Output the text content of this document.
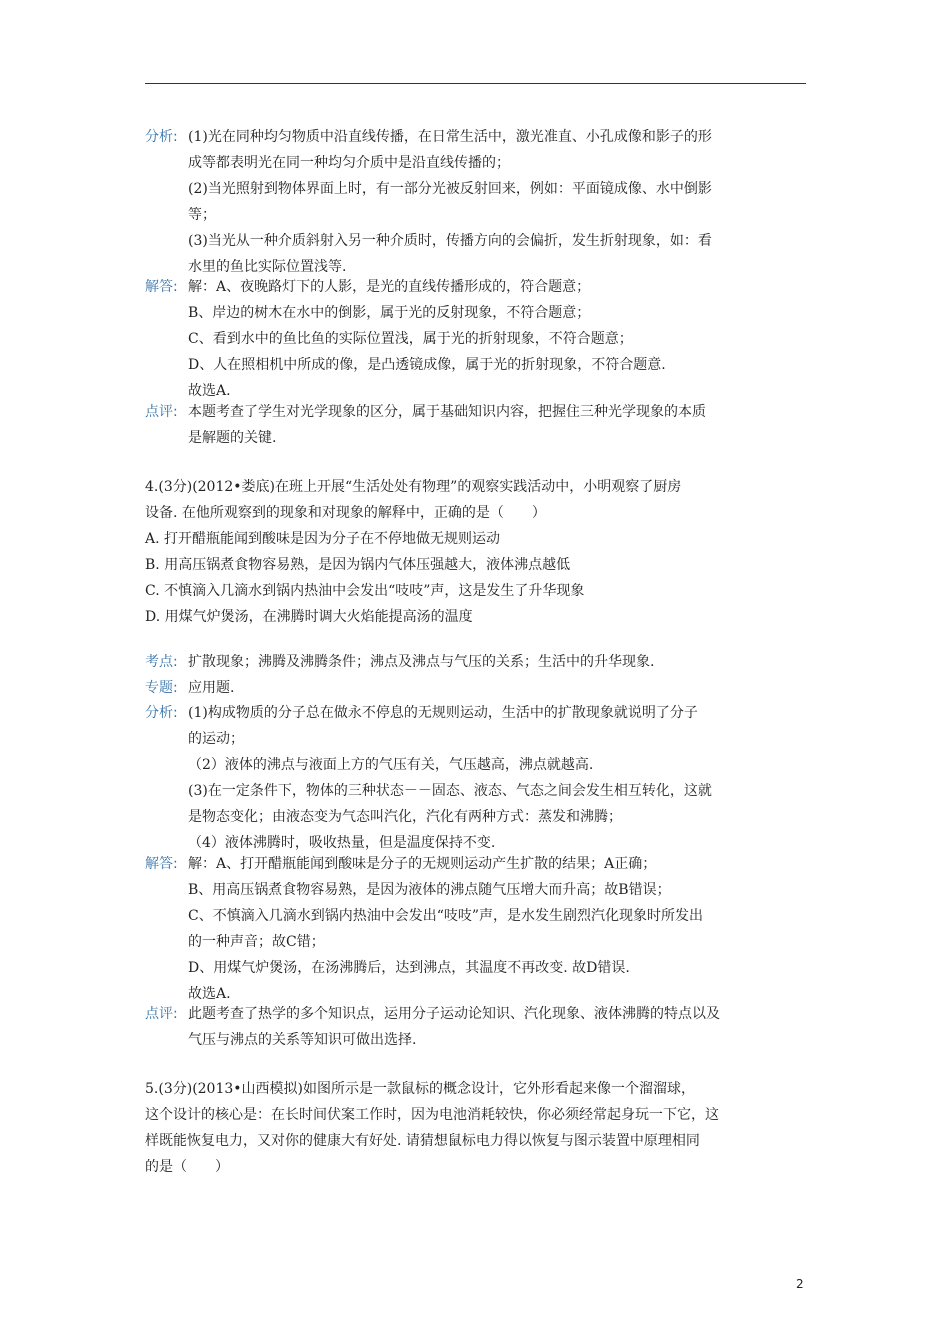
分析: (1)光在同种均匀物质中沿直线传播，在日常生活中，激光准直、小孔成像和影子的形
成等都表明光在同一种均匀介质中是沿直线传播的；
(2)当光照射到物体界面上时，有一部分光被反射回来，例如：平面镜成像、水中倒影
等；
(3)当光从一种介质斜射入另一种介质时，传播方向的会偏折，发生折射现象，如：看
水里的鱼比实际位置浅等.
解答: 解：A、夜晚路灯下的人影，是光的直线传播形成的，符合题意；
B、岸边的树木在水中的倒影，属于光的反射现象，不符合题意；
C、看到水中的鱼比鱼的实际位置浅，属于光的折射现象，不符合题意；
D、人在照相机中所成的像，是凸透镜成像，属于光的折射现象，不符合题意.
故选A.
点评: 本题考查了学生对光学现象的区分，属于基础知识内容，把握住三种光学现象的本质
是解题的关键.
4.(3分)(2012•娄底)在班上开展“生活处处有物理”的观察实践活动中，小明观察了厨房
设备. 在他所观察到的现象和对现象的解释中，正确的是（　　）
A. 打开醋瓶能闻到酸味是因为分子在不停地做无规则运动
B. 用高压锅煮食物容易熟，是因为锅内气体压强越大，液体沸点越低
C. 不慎滴入几滴水到锅内热油中会发出“吱吱”声，这是发生了升华现象
D. 用煤气炉煲汤，在沸腾时调大火焰能提高汤的温度
考点: 扩散现象；沸腾及沸腾条件；沸点及沸点与气压的关系；生活中的升华现象.
专题: 应用题.
分析: (1)构成物质的分子总在做永不停息的无规则运动，生活中的扩散现象就说明了分子
的运动；
（2）液体的沸点与液面上方的气压有关，气压越高，沸点就越高.
(3)在一定条件下，物体的三种状态－－固态、液态、气态之间会发生相互转化，这就
是物态变化；由液态变为气态叫汽化，汽化有两种方式：蒸发和沸腾；
（4）液体沸腾时，吸收热量，但是温度保持不变.
解答: 解：A、打开醋瓶能闻到酸味是分子的无规则运动产生扩散的结果；A正确；
B、用高压锅煮食物容易熟，是因为液体的沸点随气压增大而升高；故B错误；
C、不慎滴入几滴水到锅内热油中会发出“吱吱”声，是水发生剧烈汽化现象时所发出
的一种声音；故C错；
D、用煤气炉煲汤，在汤沸腾后，达到沸点，其温度不再改变. 故D错误.
故选A.
点评: 此题考查了热学的多个知识点，运用分子运动论知识、汽化现象、液体沸腾的特点以及
气压与沸点的关系等知识可做出选择.
5.(3分)(2013•山西模拟)如图所示是一款鼠标的概念设计，它外形看起来像一个溜溜球，
这个设计的核心是：在长时间伏案工作时，因为电池消耗较快，你必须经常起身玩一下它，这
样既能恢复电力，又对你的健康大有好处. 请猜想鼠标电力得以恢复与图示装置中原理相同
的是（　　）
2
